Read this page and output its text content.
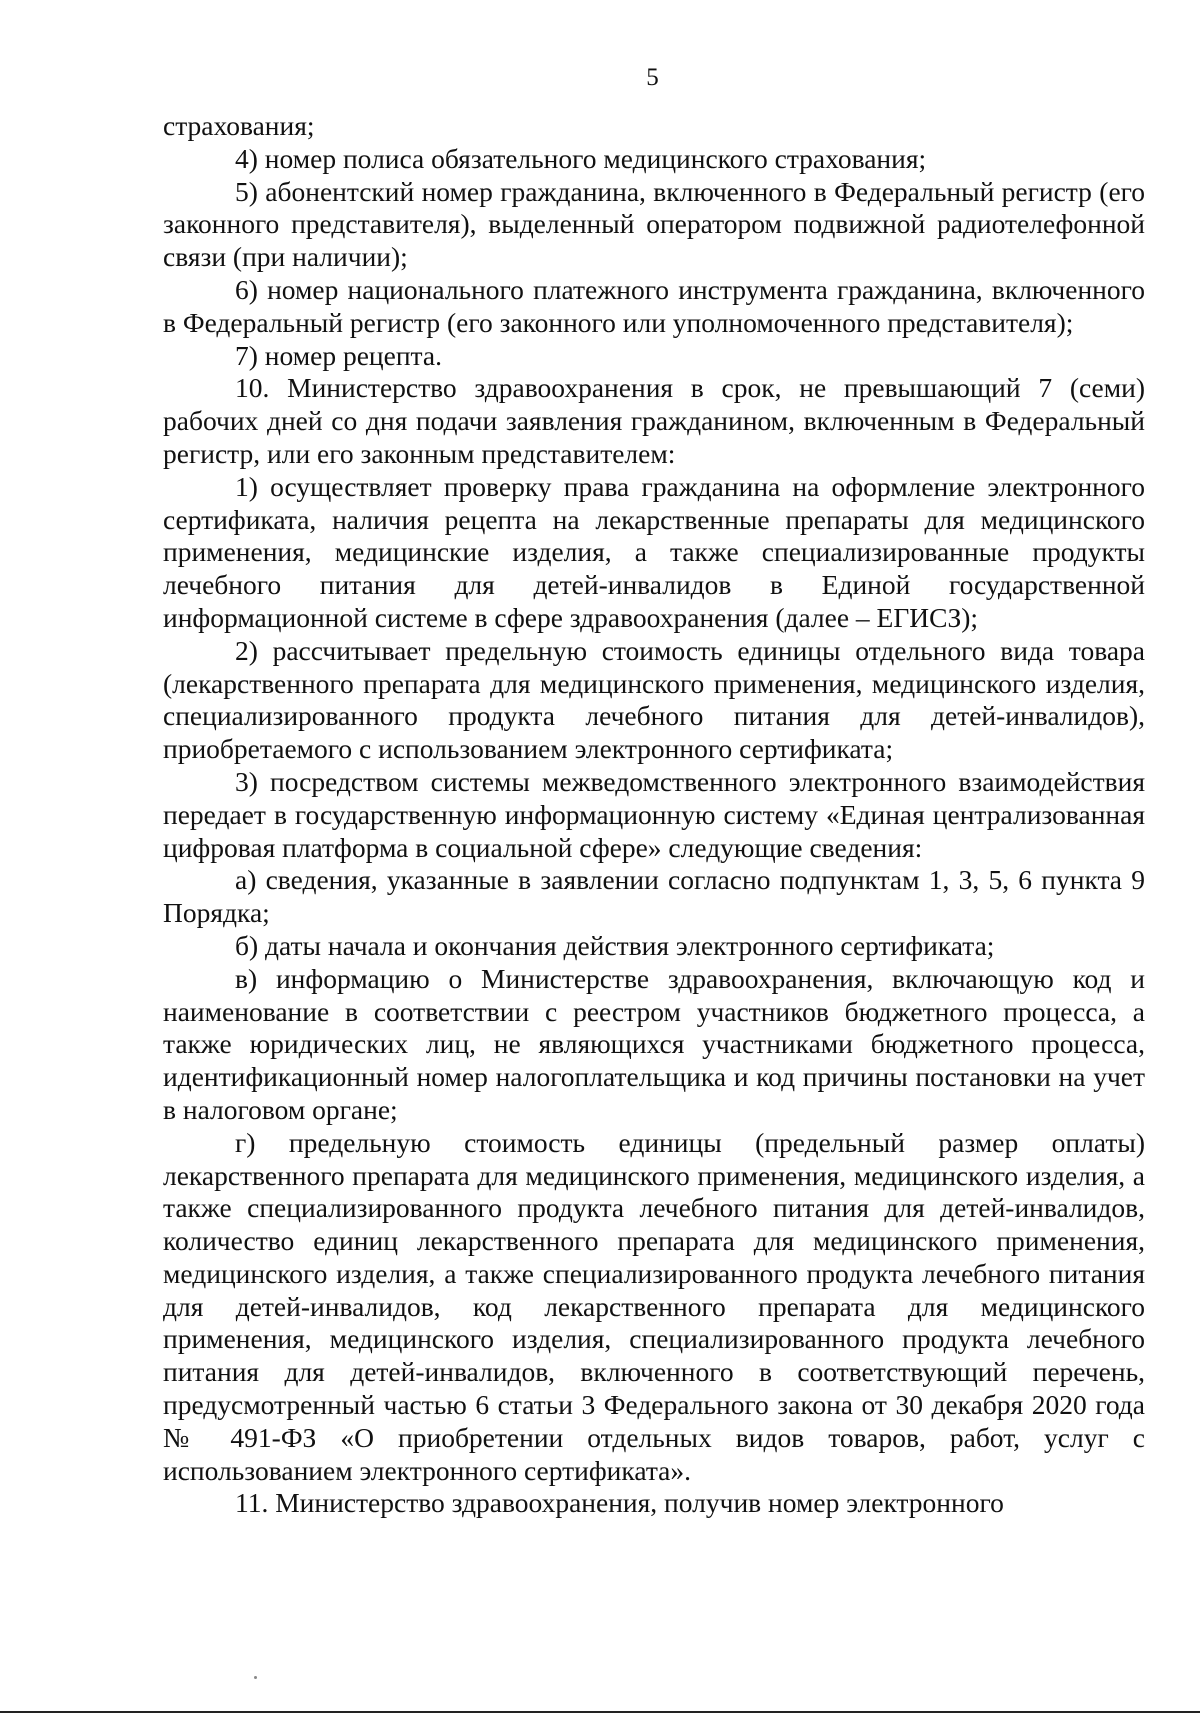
5

страхования;

4) номер полиса обязательного медицинского страхования;

5) абонентский номер гражданина, включенного в Федеральный регистр (его законного представителя), выделенный оператором подвижной радиотелефонной связи (при наличии);

6) номер национального платежного инструмента гражданина, включенного в Федеральный регистр (его законного или уполномоченного представителя);

7) номер рецепта.

10. Министерство здравоохранения в срок, не превышающий 7 (семи) рабочих дней со дня подачи заявления гражданином, включенным в Федеральный регистр, или его законным представителем:

1) осуществляет проверку права гражданина на оформление электронного сертификата, наличия рецепта на лекарственные препараты для медицинского применения, медицинские изделия, а также специализированные продукты лечебного питания для детей-инвалидов в Единой государственной информационной системе в сфере здравоохранения (далее – ЕГИСЗ);

2) рассчитывает предельную стоимость единицы отдельного вида товара (лекарственного препарата для медицинского применения, медицинского изделия, специализированного продукта лечебного питания для детей-инвалидов), приобретаемого с использованием электронного сертификата;

3) посредством системы межведомственного электронного взаимодействия передает в государственную информационную систему «Единая централизованная цифровая платформа в социальной сфере» следующие сведения:

а) сведения, указанные в заявлении согласно подпунктам 1, 3, 5, 6 пункта 9 Порядка;

б) даты начала и окончания действия электронного сертификата;

в) информацию о Министерстве здравоохранения, включающую код и наименование в соответствии с реестром участников бюджетного процесса, а также юридических лиц, не являющихся участниками бюджетного процесса, идентификационный номер налогоплательщика и код причины постановки на учет в налоговом органе;

г) предельную стоимость единицы (предельный размер оплаты) лекарственного препарата для медицинского применения, медицинского изделия, а также специализированного продукта лечебного питания для детей-инвалидов, количество единиц лекарственного препарата для медицинского применения, медицинского изделия, а также специализированного продукта лечебного питания для детей-инвалидов, код лекарственного препарата для медицинского применения, медицинского изделия, специализированного продукта лечебного питания для детей-инвалидов, включенного в соответствующий перечень, предусмотренный частью 6 статьи 3 Федерального закона от 30 декабря 2020 года № 491-ФЗ «О приобретении отдельных видов товаров, работ, услуг с использованием электронного сертификата».

11. Министерство здравоохранения, получив номер электронного
